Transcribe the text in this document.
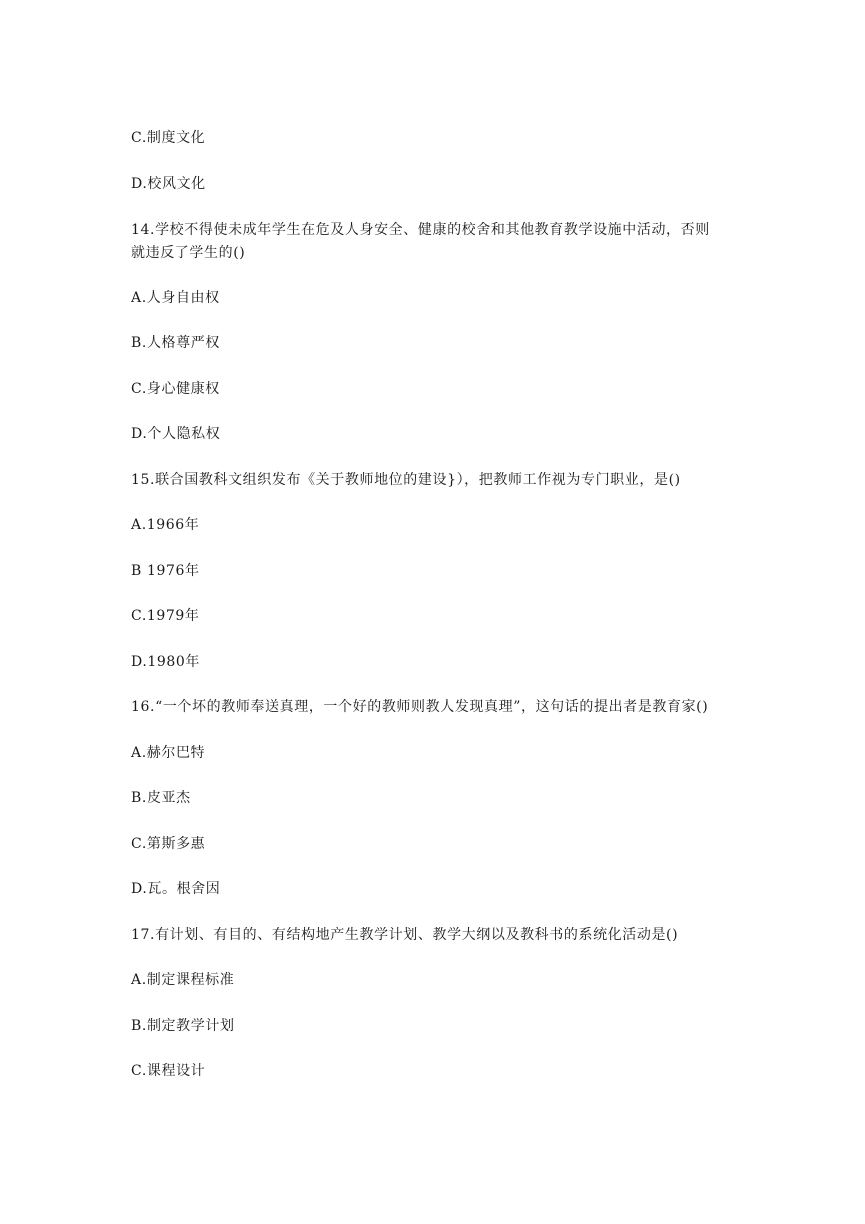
C.制度文化
D.校风文化
14.学校不得使未成年学生在危及人身安全、健康的校舍和其他教育教学设施中活动，否则
就违反了学生的()
A.人身自由权
B.人格尊严权
C.身心健康权
D.个人隐私权
15.联合国教科文组织发布《关于教师地位的建设}），把教师工作视为专门职业，是()
A.1966年
B 1976年
C.1979年
D.1980年
16.“一个坏的教师奉送真理，一个好的教师则教人发现真理”，这句话的提出者是教育家()
A.赫尔巴特
B.皮亚杰
C.第斯多惠
D.瓦。根舍因
17.有计划、有目的、有结构地产生教学计划、教学大纲以及教科书的系统化活动是()
A.制定课程标准
B.制定教学计划
C.课程设计
